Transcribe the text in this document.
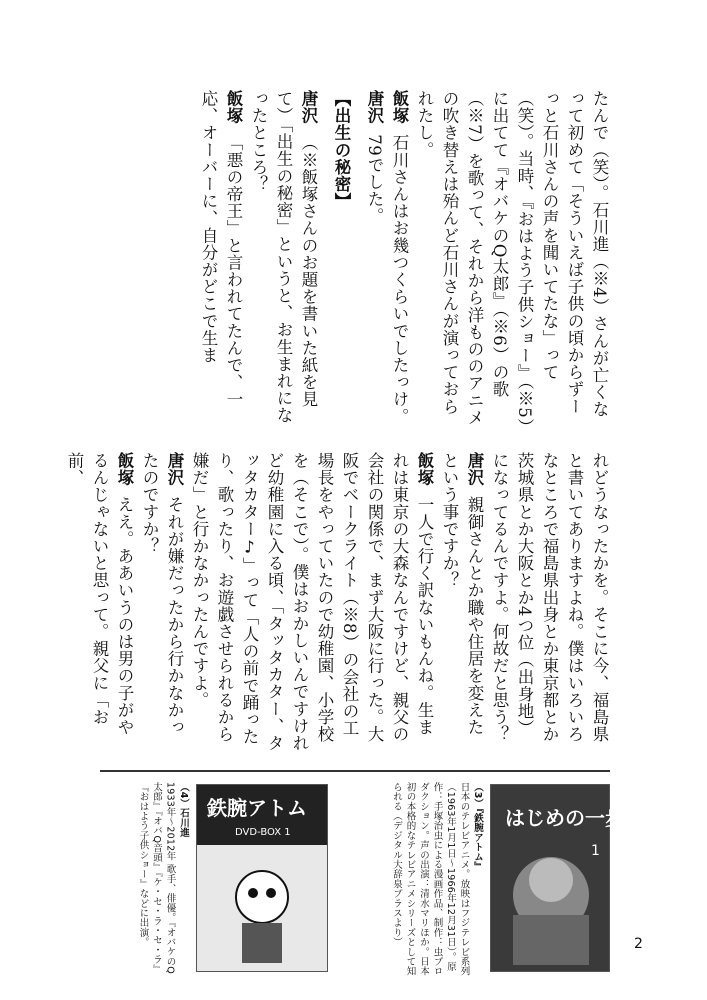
たんで（笑）。石川進（※4）さんが亡くなって初めて「そういえば子供の頃からずーっと石川さんの声を聞いてたな」って（笑）。当時、『おはよう子供ショー』（※5）に出てて『オバケのQ太郎』（※6）の歌（※7）を歌って、それから洋もののアニメの吹き替えは殆んど石川さんが演っておられたし。
飯塚石川さんはお幾つくらいでしたっけ。
唐沢79でした。
【出生の秘密】
唐沢（※飯塚さんのお題を書いた紙を見て）「出生の秘密」というと、お生まれになったところ？
飯塚「悪の帝王」と言われてたんで、一応、オーバーに、自分がどこで生ま
れどうなったかを。そこに今、福島県と書いてありますよね。僕はいろいろなところで福島県出身とか東京都とか茨城県とか大阪とか4つ位（出身地）になってるんですよ。何故だと思う？
唐沢親御さんとか職や住居を変えたという事ですか？
飯塚一人で行く訳ないもんね。生まれは東京の大森なんですけど、親父の会社の関係で、まず大阪に行った。大阪でベークライト（※8）の会社の工場長をやっていたので幼稚園、小学校を（そこで）。僕はおかしいんですけれど幼稚園に入る頃、「タッタカター、タッタカター♪」って「人の前で踊ったり、歌ったり、お遊戯させられるから嫌だ」と行かなかったんですよ。
唐沢それが嫌だったから行かなかったのですか？
飯塚ええ。ああいうのは男の子がやるんじゃないと思って。親父に「お前、
はじめの一歩
1
（3）『鉄腕アトム』
日本のテレビアニメ。放映はフジテレビ系列（1963年1月1日〜1966年12月31日）。原作：手塚治虫による漫画作品、制作：虫プロダクション。声の出演：清水マリほか。日本初の本格的なテレビアニメシリーズとして知られる（デジタル大辞泉プラスより）
鉄腕アトム
DVD-BOX 1
（4）石川進
1933年〜2012年 歌手、俳優。『オバケのQ太郎』『オバQ音頭』『ケ・セ・ラ・セ・ラ』『おはよう子供ショー』などに出演。	2
